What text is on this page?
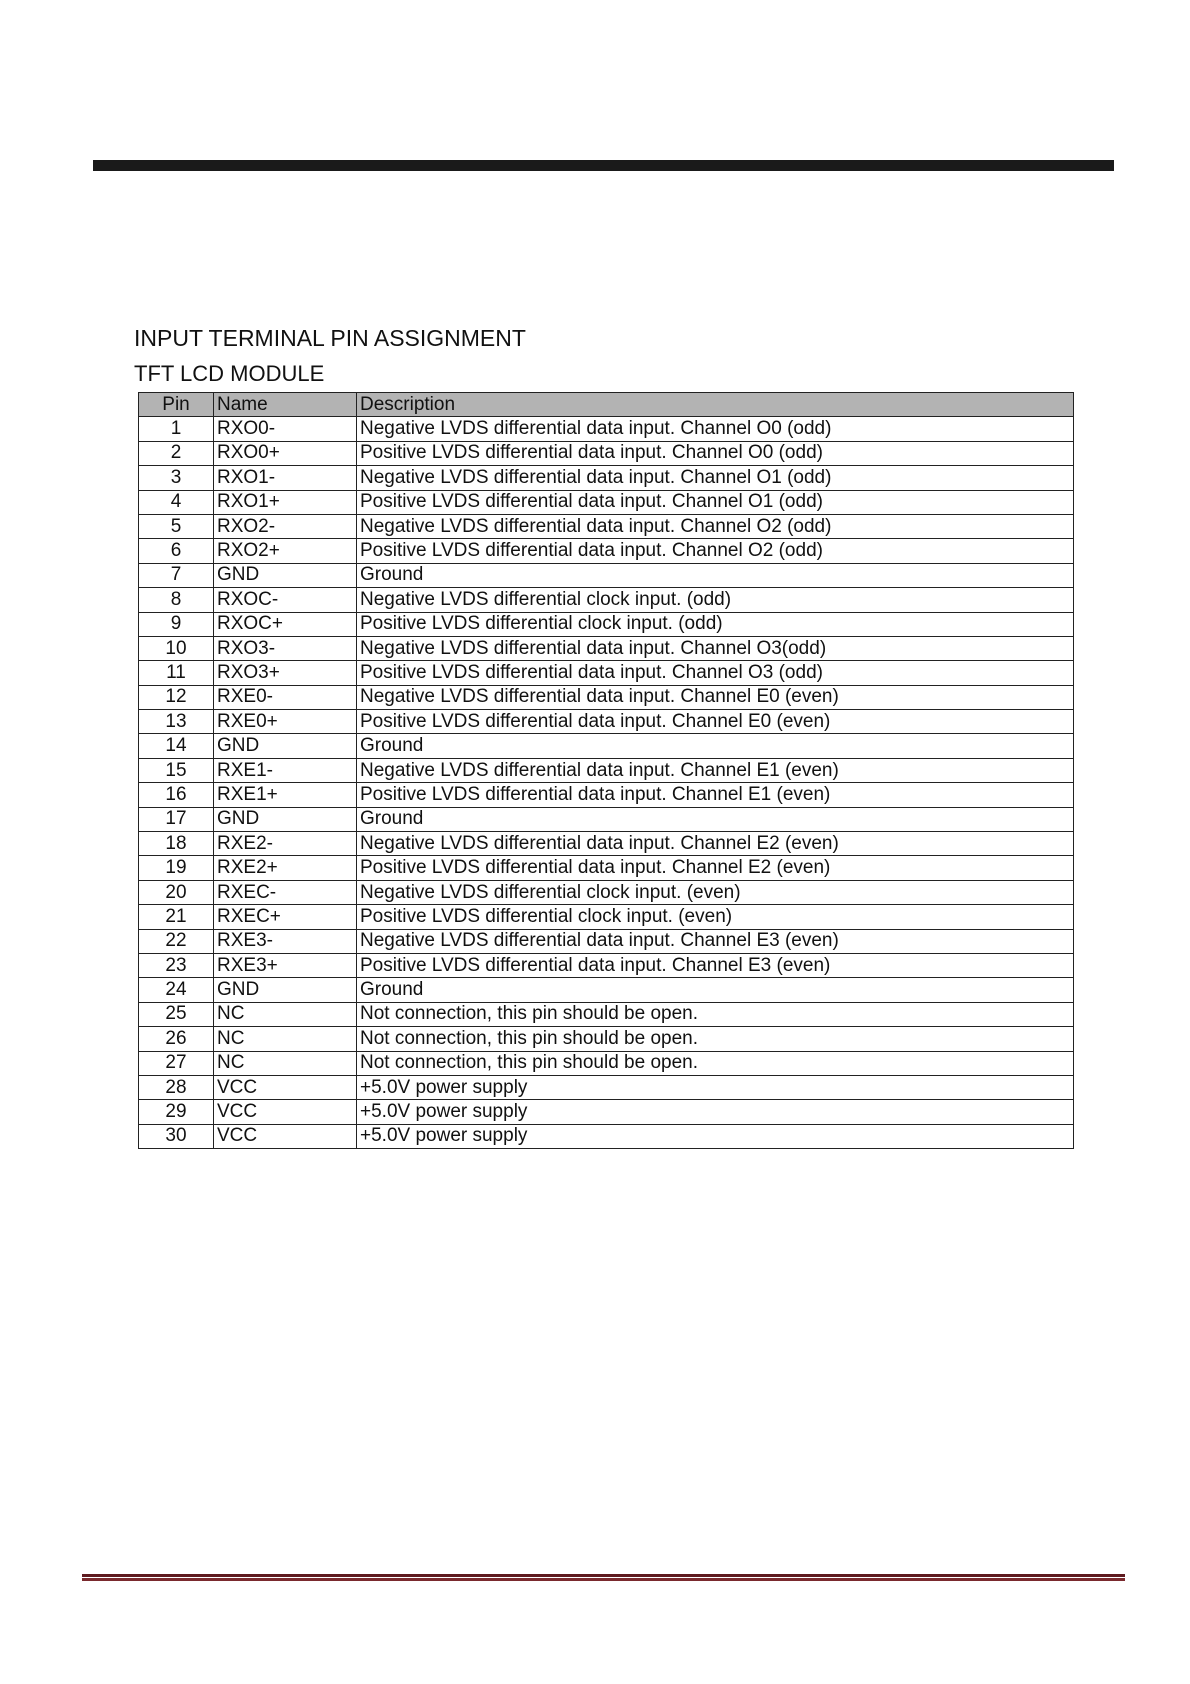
INPUT TERMINAL PIN ASSIGNMENT
TFT LCD MODULE
Pin	Name	Description
1	RXO0-	Negative LVDS differential data input. Channel O0 (odd)
2	RXO0+	Positive LVDS differential data input. Channel O0 (odd)
3	RXO1-	Negative LVDS differential data input. Channel O1 (odd)
4	RXO1+	Positive LVDS differential data input. Channel O1 (odd)
5	RXO2-	Negative LVDS differential data input. Channel O2 (odd)
6	RXO2+	Positive LVDS differential data input. Channel O2 (odd)
7	GND	Ground
8	RXOC-	Negative LVDS differential clock input. (odd)
9	RXOC+	Positive LVDS differential clock input. (odd)
10	RXO3-	Negative LVDS differential data input. Channel O3(odd)
11	RXO3+	Positive LVDS differential data input. Channel O3 (odd)
12	RXE0-	Negative LVDS differential data input. Channel E0 (even)
13	RXE0+	Positive LVDS differential data input. Channel E0 (even)
14	GND	Ground
15	RXE1-	Negative LVDS differential data input. Channel E1 (even)
16	RXE1+	Positive LVDS differential data input. Channel E1 (even)
17	GND	Ground
18	RXE2-	Negative LVDS differential data input. Channel E2 (even)
19	RXE2+	Positive LVDS differential data input. Channel E2 (even)
20	RXEC-	Negative LVDS differential clock input. (even)
21	RXEC+	Positive LVDS differential clock input. (even)
22	RXE3-	Negative LVDS differential data input. Channel E3 (even)
23	RXE3+	Positive LVDS differential data input. Channel E3 (even)
24	GND	Ground
25	NC	Not connection, this pin should be open.
26	NC	Not connection, this pin should be open.
27	NC	Not connection, this pin should be open.
28	VCC	+5.0V power supply
29	VCC	+5.0V power supply
30	VCC	+5.0V power supply
